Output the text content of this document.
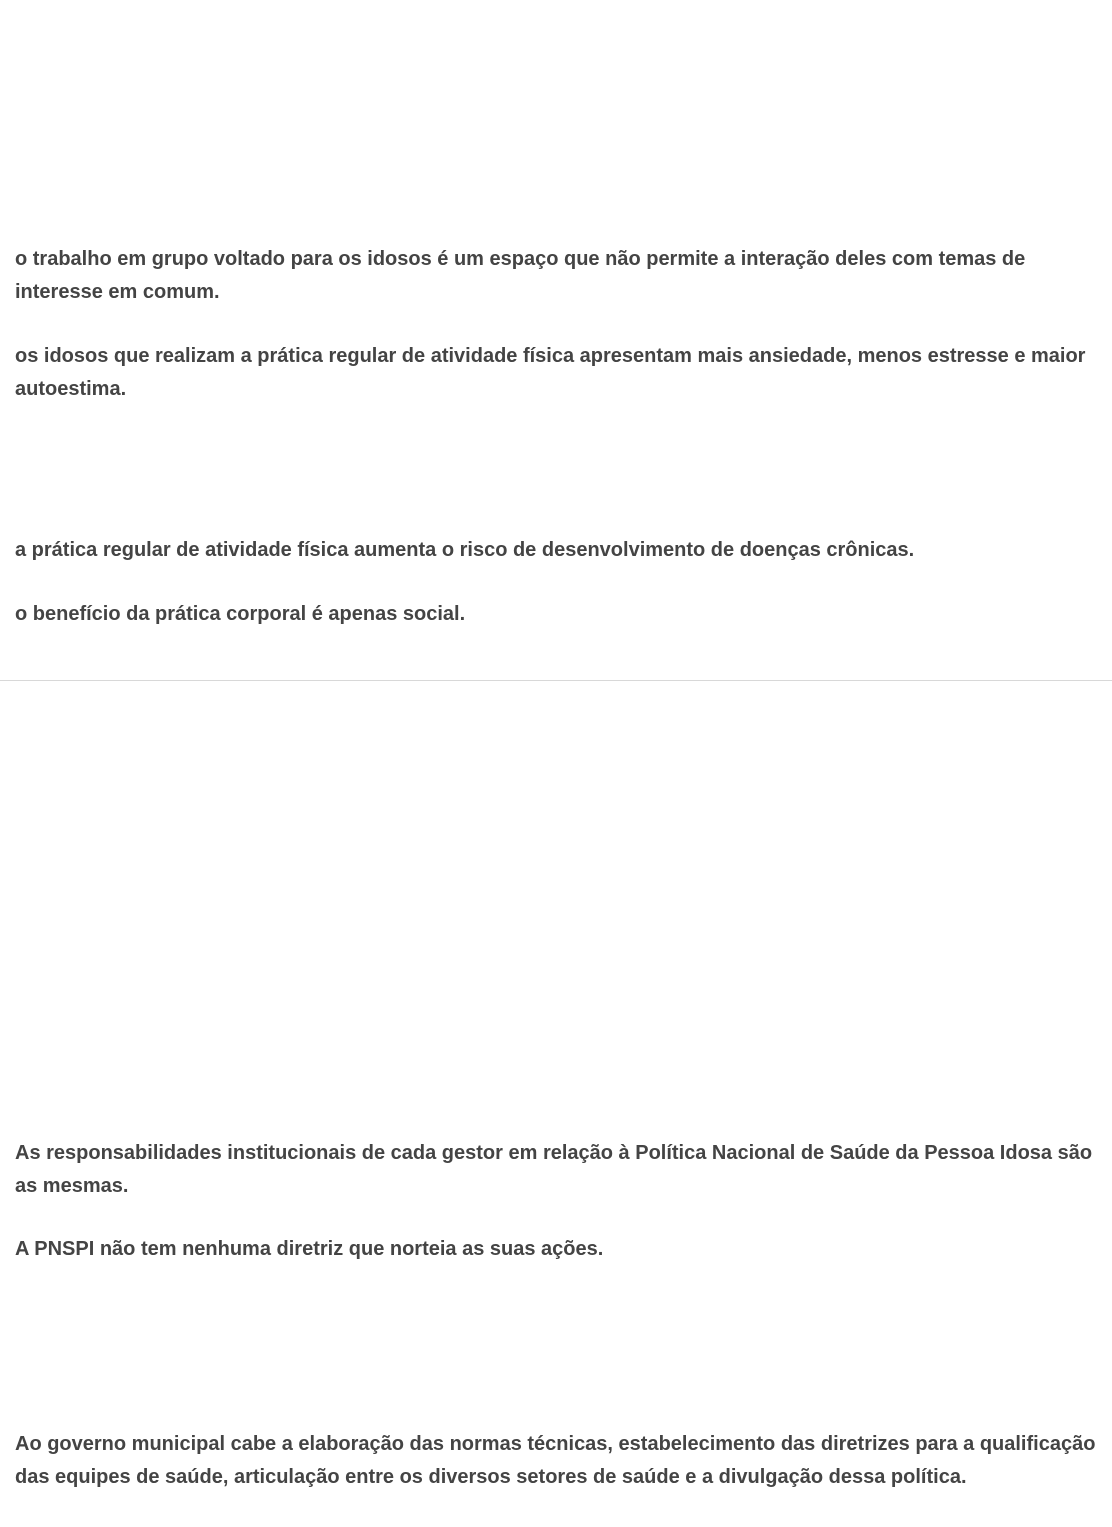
o trabalho em grupo voltado para os idosos é um espaço que não permite a interação deles com temas de interesse em comum.

os idosos que realizam a prática regular de atividade física apresentam mais ansiedade, menos estresse e maior autoestima.

a prática regular de atividade física aumenta o risco de desenvolvimento de doenças crônicas.

o benefício da prática corporal é apenas social.

As responsabilidades institucionais de cada gestor em relação à Política Nacional de Saúde da Pessoa Idosa são as mesmas.

A PNSPI não tem nenhuma diretriz que norteia as suas ações.

Ao governo municipal cabe a elaboração das normas técnicas, estabelecimento das diretrizes para a qualificação das equipes de saúde, articulação entre os diversos setores de saúde e a divulgação dessa política.
